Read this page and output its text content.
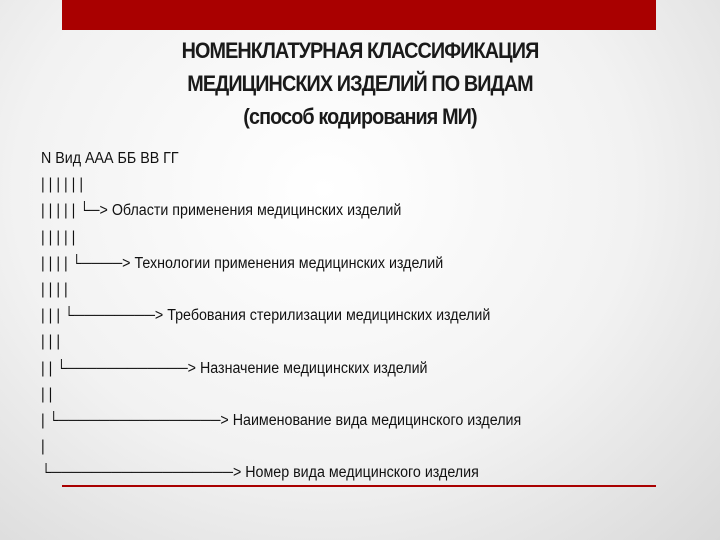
НОМЕНКЛАТУРНАЯ КЛАССИФИКАЦИЯ
МЕДИЦИНСКИХ ИЗДЕЛИЙ ПО ВИДАМ
(способ кодирования МИ)
N Вид ААА ББ ВВ ГГ
| | | | | |
| | | | | └─> Области применения медицинских изделий
| | | | |
| | | | └────> Технологии применения медицинских изделий
| | | |
| | | └────────> Требования стерилизации медицинских изделий
| | |
| | └────────────> Назначение медицинских изделий
| |
| └────────────────> Наименование вида медицинского изделия
|
└──────────────────> Номер вида медицинского изделия
